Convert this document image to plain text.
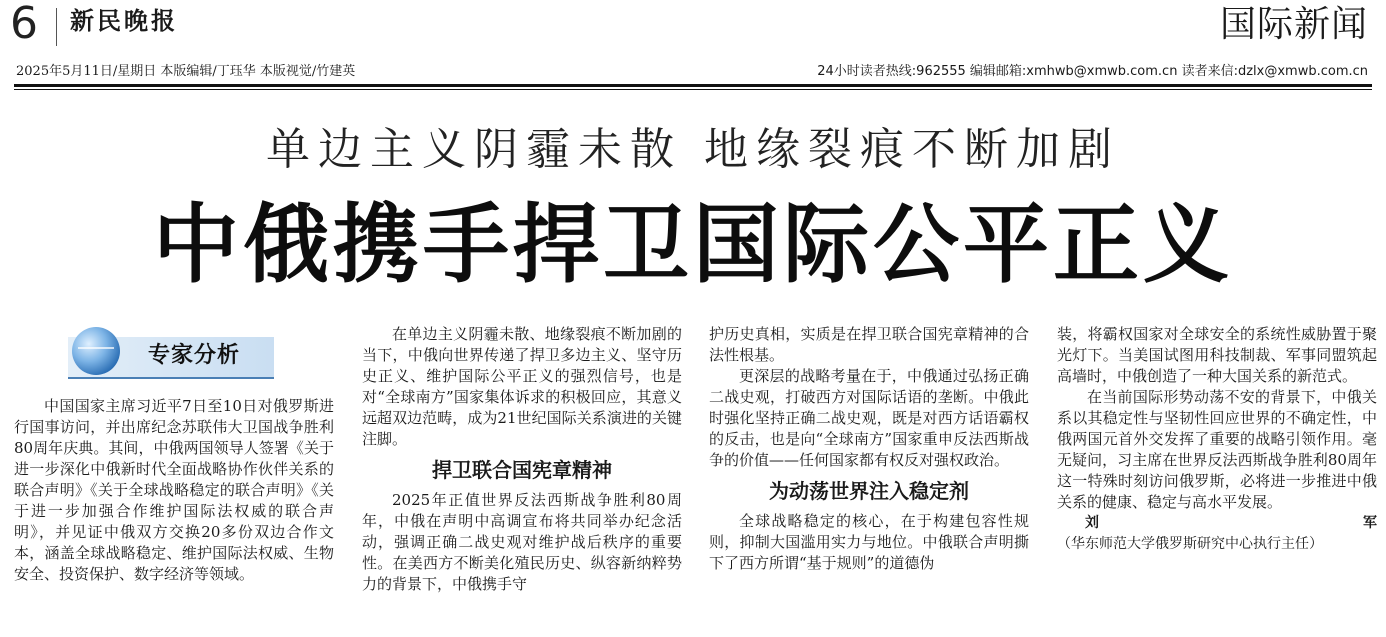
6 新民晚报	国际新闻
2025年5月11日/星期日 本版编辑/丁珏华 本版视觉/竹建英	24小时读者热线:962555 编辑邮箱:xmhwb@xmwb.com.cn 读者来信:dzlx@xmwb.com.cn
单边主义阴霾未散 地缘裂痕不断加剧
中俄携手捍卫国际公平正义
专家分析

中国国家主席习近平7日至10日对俄罗斯进行国事访问，并出席纪念苏联伟大卫国战争胜利80周年庆典。其间，中俄两国领导人签署《关于进一步深化中俄新时代全面战略协作伙伴关系的联合声明》《关于全球战略稳定的联合声明》《关于进一步加强合作维护国际法权威的联合声明》，并见证中俄双方交换20多份双边合作文本，涵盖全球战略稳定、维护国际法权威、生物安全、投资保护、数字经济等领域。

在单边主义阴霾未散、地缘裂痕不断加剧的当下，中俄向世界传递了捍卫多边主义、坚守历史正义、维护国际公平正义的强烈信号，也是对“全球南方”国家集体诉求的积极回应，其意义远超双边范畴，成为21世纪国际关系演进的关键注脚。

捍卫联合国宪章精神

2025年正值世界反法西斯战争胜利80周年，中俄在声明中高调宣布将共同举办纪念活动，强调正确二战史观对维护战后秩序的重要性。在美西方不断美化殖民历史、纵容新纳粹势力的背景下，中俄携手守

护历史真相，实质是在捍卫联合国宪章精神的合法性根基。

更深层的战略考量在于，中俄通过弘扬正确二战史观，打破西方对国际话语的垄断。中俄此时强化坚持正确二战史观，既是对西方话语霸权的反击，也是向“全球南方”国家重申反法西斯战争的价值——任何国家都有权反对强权政治。

为动荡世界注入稳定剂

全球战略稳定的核心，在于构建包容性规则，抑制大国滥用实力与地位。中俄联合声明撕下了西方所谓“基于规则”的道德伪

装，将霸权国家对全球安全的系统性威胁置于聚光灯下。当美国试图用科技制裁、军事同盟筑起高墙时，中俄创造了一种大国关系的新范式。

在当前国际形势动荡不安的背景下，中俄关系以其稳定性与坚韧性回应世界的不确定性，中俄两国元首外交发挥了重要的战略引领作用。毫无疑问，习主席在世界反法西斯战争胜利80周年这一特殊时刻访问俄罗斯，必将进一步推进中俄关系的健康、稳定与高水平发展。

刘军（华东师范大学俄罗斯研究中心执行主任）
